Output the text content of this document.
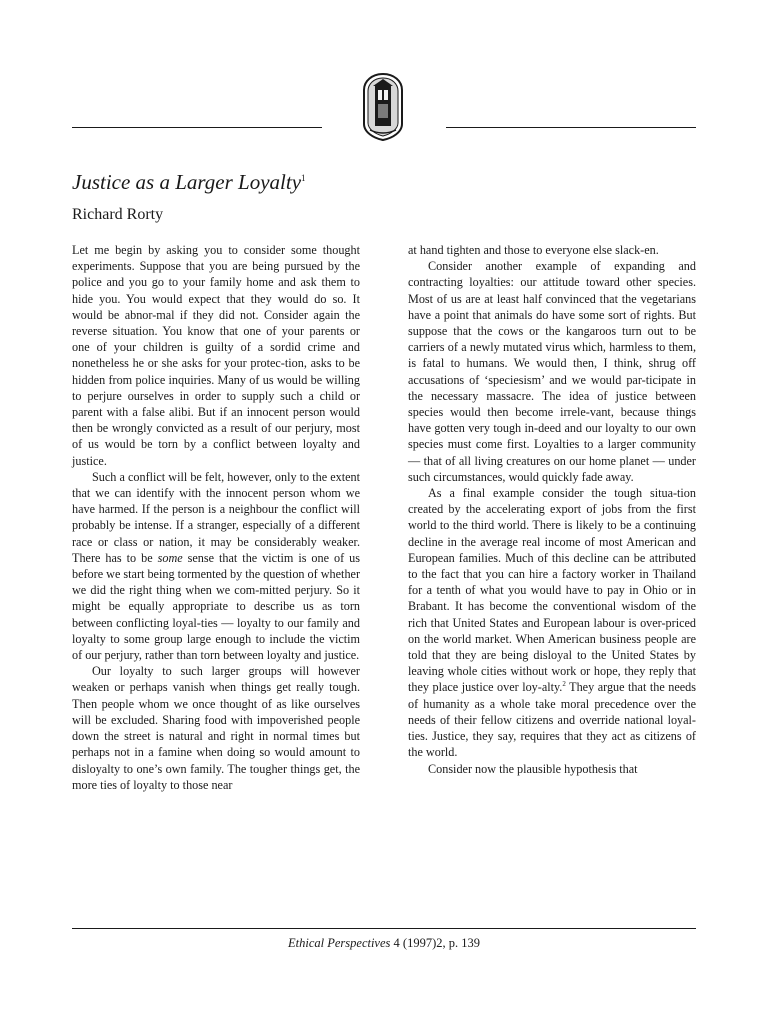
Justice as a Larger Loyalty$^1$
Richard Rorty

Let me begin by asking you to consider some thought experiments. Suppose that you are being pursued by the police and you go to your family home and ask them to hide you. You would expect that they would do so. It would be abnor-mal if they did not. Consider again the reverse situation. You know that one of your parents or one of your children is guilty of a sordid crime and nonetheless he or she asks for your protec-tion, asks to be hidden from police inquiries. Many of us would be willing to perjure ourselves in order to supply such a child or parent with a false alibi. But if an innocent person would then be wrongly convicted as a result of our perjury, most of us would be torn by a conflict between loyalty and justice.

Such a conflict will be felt, however, only to the extent that we can identify with the innocent person whom we have harmed. If the person is a neighbour the conflict will probably be intense. If a stranger, especially of a different race or class or nation, it may be considerably weaker. There has to be some sense that the victim is one of us before we start being tormented by the question of whether we did the right thing when we com-mitted perjury. So it might be equally appropriate to describe us as torn between conflicting loyal-ties — loyalty to our family and loyalty to some group large enough to include the victim of our perjury, rather than torn between loyalty and justice.

Our loyalty to such larger groups will however weaken or perhaps vanish when things get really tough. Then people whom we once thought of as like ourselves will be excluded. Sharing food with impoverished people down the street is natural and right in normal times but perhaps not in a famine when doing so would amount to disloyalty to one’s own family. The tougher things get, the more ties of loyalty to those near

at hand tighten and those to everyone else slack-en.

Consider another example of expanding and contracting loyalties: our attitude toward other species. Most of us are at least half convinced that the vegetarians have a point that animals do have some sort of rights. But suppose that the cows or the kangaroos turn out to be carriers of a newly mutated virus which, harmless to them, is fatal to humans. We would then, I think, shrug off accusations of ‘speciesism’ and we would par-ticipate in the necessary massacre. The idea of justice between species would then become irrele-vant, because things have gotten very tough in-deed and our loyalty to our own species must come first. Loyalties to a larger community — that of all living creatures on our home planet — under such circumstances, would quickly fade away.

As a final example consider the tough situa-tion created by the accelerating export of jobs from the first world to the third world. There is likely to be a continuing decline in the average real income of most American and European families. Much of this decline can be attributed to the fact that you can hire a factory worker in Thailand for a tenth of what you would have to pay in Ohio or in Brabant. It has become the conventional wisdom of the rich that United States and European labour is over-priced on the world market. When American business people are told that they are being disloyal to the United States by leaving whole cities without work or hope, they reply that they place justice over loy-alty.$^2$ They argue that the needs of humanity as a whole take moral precedence over the needs of their fellow citizens and override national loyal-ties. Justice, they say, requires that they act as citizens of the world.

Consider now the plausible hypothesis that

Ethical Perspectives 4 (1997)2, p. 139
